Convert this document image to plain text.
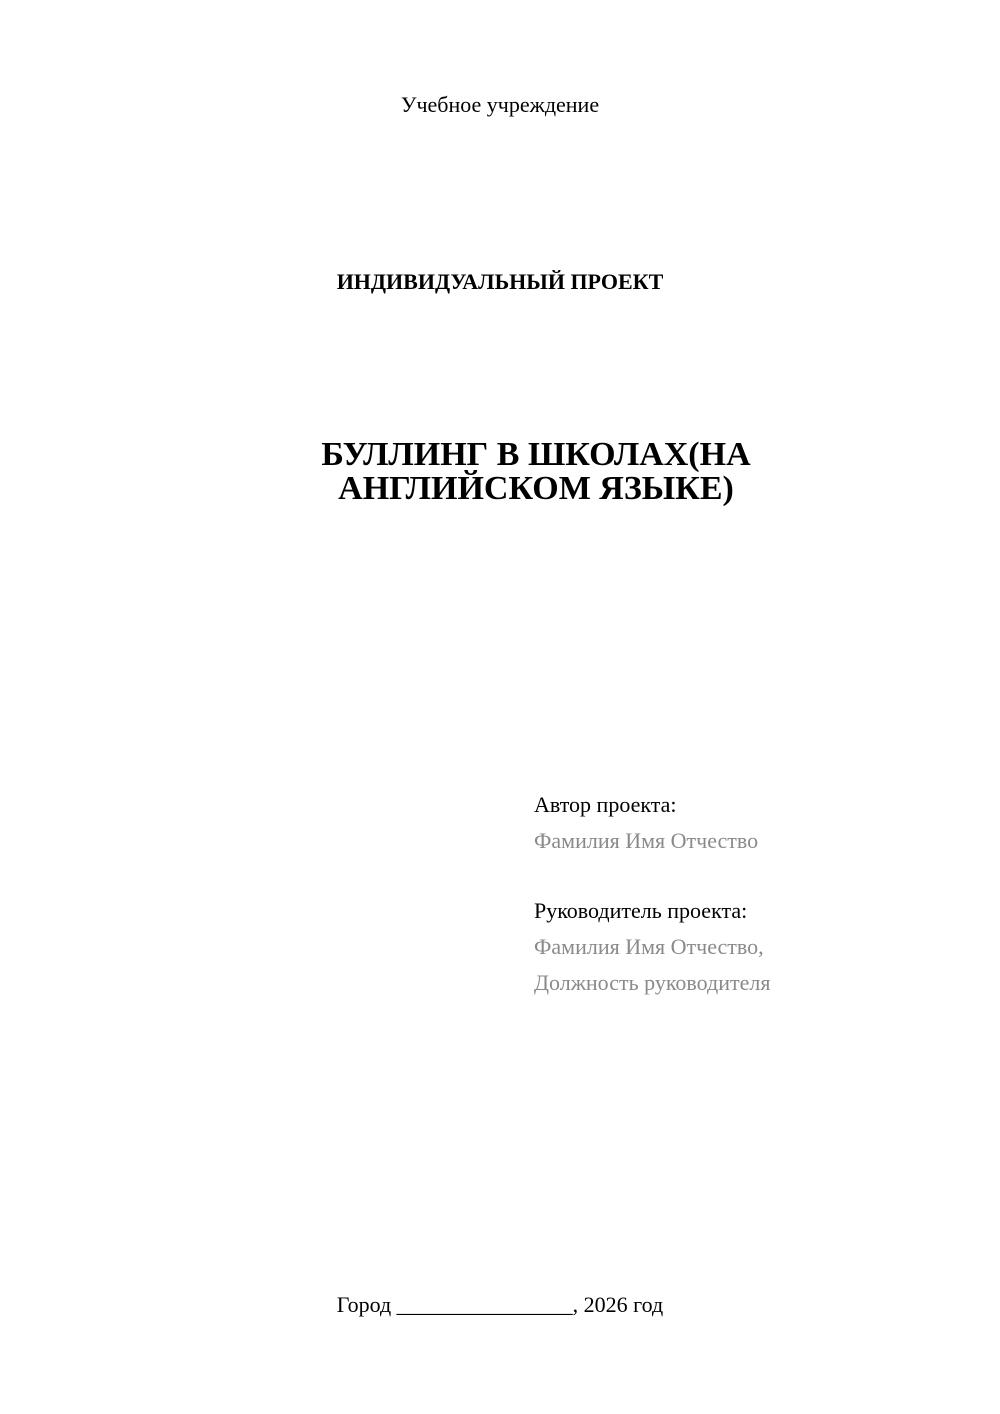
Учебное учреждение
ИНДИВИДУАЛЬНЫЙ ПРОЕКТ
БУЛЛИНГ В ШКОЛАХ(НА
АНГЛИЙСКОМ ЯЗЫКЕ)
Автор проекта:
Фамилия Имя Отчество
Руководитель проекта:
Фамилия Имя Отчество,
Должность руководителя
Город ________________, 2026 год
